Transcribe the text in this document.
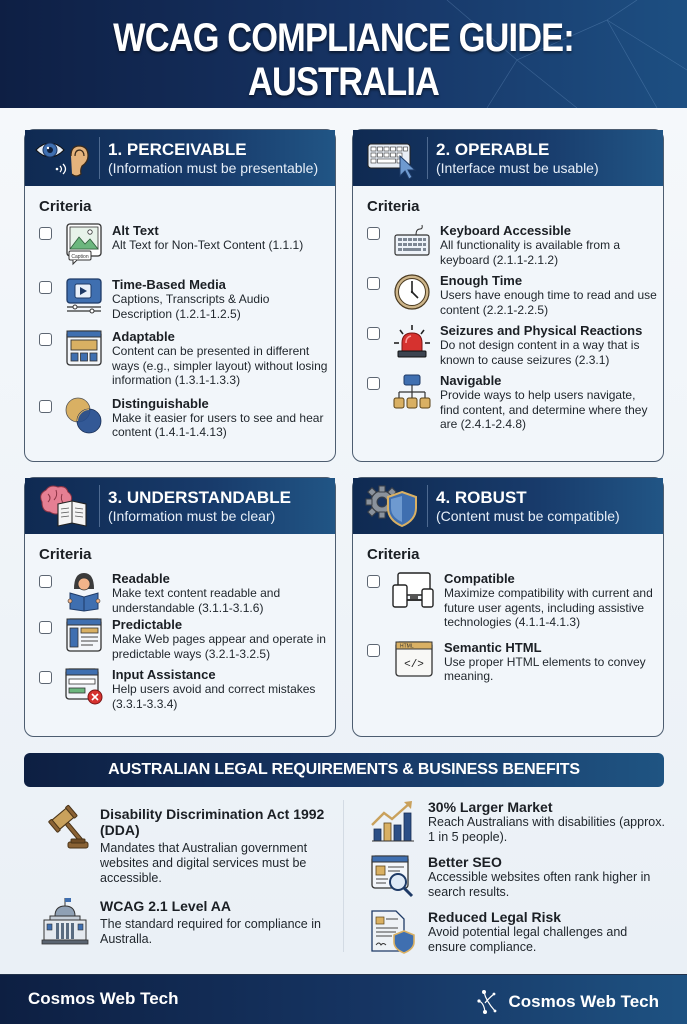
WCAG COMPLIANCE GUIDE: AUSTRALIA
1. PERCEIVABLE
(Information must be presentable)
Criteria
Caption
Alt Text
Alt Text for Non-Text Content (1.1.1)
Time-Based Media
Captions, Transcripts & Audio Description (1.2.1-1.2.5)
Adaptable
Content can be presented in different ways (e.g., simpler layout) without losing information (1.3.1-1.3.3)
Distinguishable
Make it easier for users to see and hear content (1.4.1-1.4.13)
2. OPERABLE
(Interface must be usable)
Criteria
Keyboard Accessible
All functionality is available from a keyboard (2.1.1-2.1.2)
Enough Time
Users have enough time to read and use content (2.2.1-2.2.5)
Seizures and Physical Reactions
Do not design content in a way that is known to cause seizures (2.3.1)
Navigable
Provide ways to help users navigate, find content, and determine where they are (2.4.1-2.4.8)
3. UNDERSTANDABLE
(Information must be clear)
Criteria
Readable
Make text content readable and understandable (3.1.1-3.1.6)
Predictable
Make Web pages appear and operate in predictable ways (3.2.1-3.2.5)
Input Assistance
Help users avoid and correct mistakes (3.3.1-3.3.4)
4. ROBUST
(Content must be compatible)
Criteria
Compatible
Maximize compatibility with current and future user agents, including assistive technologies (4.1.1-4.1.3)
HTML
</>
Semantic HTML
Use proper HTML elements to convey meaning.
AUSTRALIAN LEGAL REQUIREMENTS & BUSINESS BENEFITS
Disability Discrimination Act 1992 (DDA)
Mandates that Australian government websites and digital services must be accessible.
WCAG 2.1 Level AA
The standard required for compliance in Australla.
30% Larger Market
Reach Australians with disabilities (approx. 1 in 5 people).
Better SEO
Accessible websites often rank higher in search results.
Reduced Legal Risk
Avoid potential legal challenges and ensure compliance.
Cosmos Web Tech	Cosmos Web Tech
